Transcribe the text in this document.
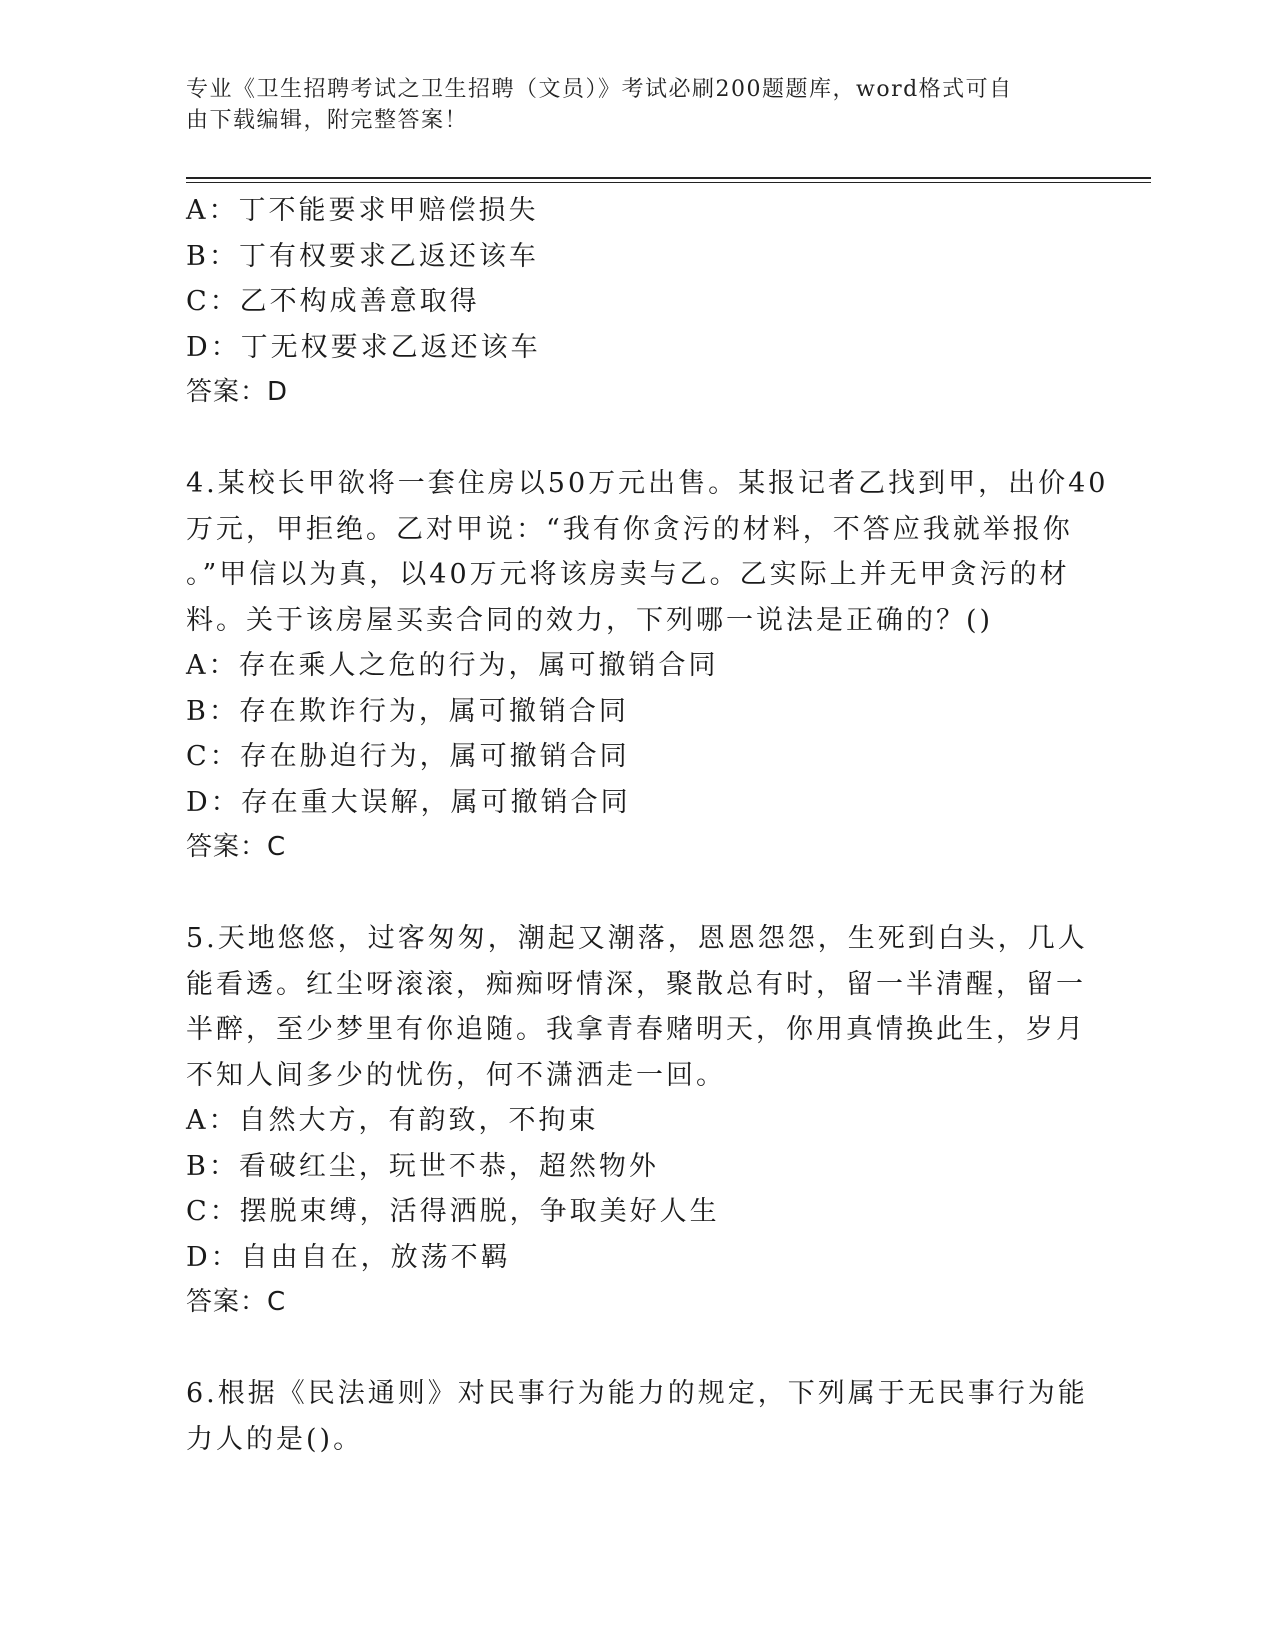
专业《卫生招聘考试之卫生招聘（文员）》考试必刷200题题库，word格式可自
由下载编辑，附完整答案！
A：丁不能要求甲赔偿损失
B：丁有权要求乙返还该车
C：乙不构成善意取得
D：丁无权要求乙返还该车
答案：D
4.某校长甲欲将一套住房以50万元出售。某报记者乙找到甲，出价40
万元，甲拒绝。乙对甲说：“我有你贪污的材料，不答应我就举报你
。”甲信以为真，以40万元将该房卖与乙。乙实际上并无甲贪污的材
料。关于该房屋买卖合同的效力，下列哪一说法是正确的？()
A：存在乘人之危的行为，属可撤销合同
B：存在欺诈行为，属可撤销合同
C：存在胁迫行为，属可撤销合同
D：存在重大误解，属可撤销合同
答案：C
5.天地悠悠，过客匆匆，潮起又潮落，恩恩怨怨，生死到白头，几人
能看透。红尘呀滚滚，痴痴呀情深，聚散总有时，留一半清醒，留一
半醉，至少梦里有你追随。我拿青春赌明天，你用真情换此生，岁月
不知人间多少的忧伤，何不潇洒走一回。
A：自然大方，有韵致，不拘束
B：看破红尘，玩世不恭，超然物外
C：摆脱束缚，活得洒脱，争取美好人生
D：自由自在，放荡不羁
答案：C
6.根据《民法通则》对民事行为能力的规定，下列属于无民事行为能
力人的是()。
